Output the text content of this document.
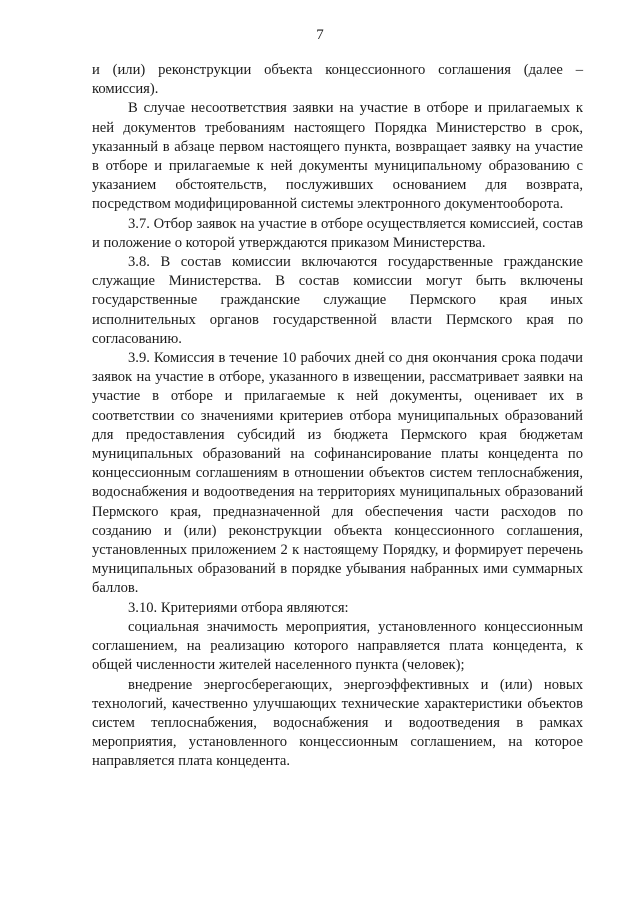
7

и (или) реконструкции объекта концессионного соглашения (далее – комиссия).

В случае несоответствия заявки на участие в отборе и прилагаемых к ней документов требованиям настоящего Порядка Министерство в срок, указанный в абзаце первом настоящего пункта, возвращает заявку на участие в отборе и прилагаемые к ней документы муниципальному образованию с указанием обстоятельств, послуживших основанием для возврата, посредством модифицированной системы электронного документооборота.

3.7. Отбор заявок на участие в отборе осуществляется комиссией, состав и положение о которой утверждаются приказом Министерства.

3.8. В состав комиссии включаются государственные гражданские служащие Министерства. В состав комиссии могут быть включены государственные гражданские служащие Пермского края иных исполнительных органов государственной власти Пермского края по согласованию.

3.9. Комиссия в течение 10 рабочих дней со дня окончания срока подачи заявок на участие в отборе, указанного в извещении, рассматривает заявки на участие в отборе и прилагаемые к ней документы, оценивает их в соответствии со значениями критериев отбора муниципальных образований для предоставления субсидий из бюджета Пермского края бюджетам муниципальных образований на софинансирование платы концедента по концессионным соглашениям в отношении объектов систем теплоснабжения, водоснабжения и водоотведения на территориях муниципальных образований Пермского края, предназначенной для обеспечения части расходов по созданию и (или) реконструкции объекта концессионного соглашения, установленных приложением 2 к настоящему Порядку, и формирует перечень муниципальных образований в порядке убывания набранных ими суммарных баллов.

3.10. Критериями отбора являются:

социальная значимость мероприятия, установленного концессионным соглашением, на реализацию которого направляется плата концедента, к общей численности жителей населенного пункта (человек);

внедрение энергосберегающих, энергоэффективных и (или) новых технологий, качественно улучшающих технические характеристики объектов систем теплоснабжения, водоснабжения и водоотведения в рамках мероприятия, установленного концессионным соглашением, на которое направляется плата концедента.
